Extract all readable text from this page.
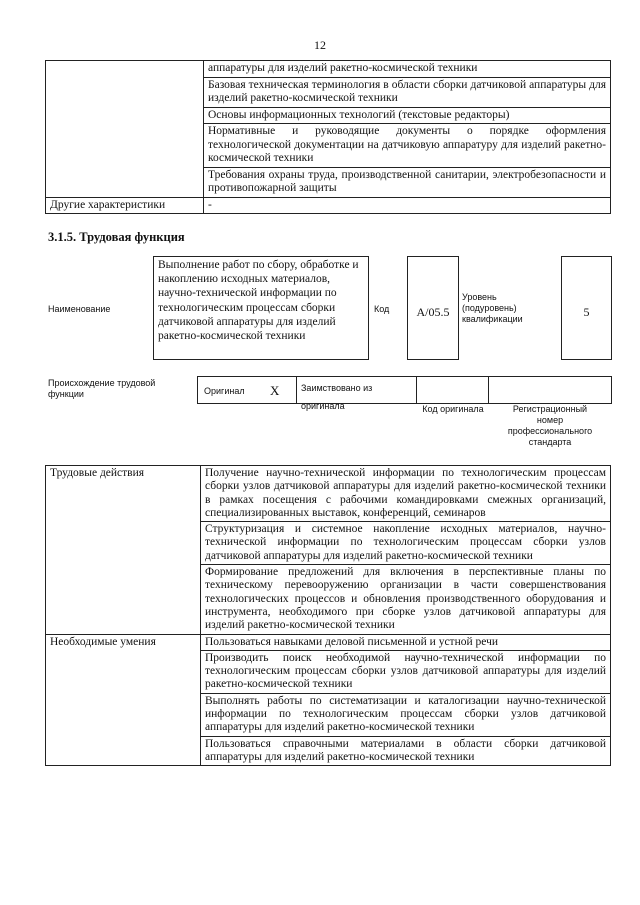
12
	аппаратуры для изделий ракетно-космической техники
	Базовая техническая терминология в области сборки датчиковой аппаратуры для изделий ракетно-космической техники
	Основы информационных технологий (текстовые редакторы)
	Нормативные и руководящие документы о порядке оформления технологической документации на датчиковую аппаратуру для изделий ракетно-космической техники
	Требования охраны труда, производственной санитарии, электробезопасности и противопожарной защиты
Другие характеристики	-
3.1.5. Трудовая функция
Наименование
Выполнение работ по сбору, обработке и накоплению исходных материалов, научно-технической информации по технологическим процессам сборки датчиковой аппаратуры для изделий ракетно-космической техники
Код	A/05.5
Уровень (подуровень) квалификации	5
Происхождение трудовой функции	Оригинал X	Заимствовано из оригинала	Код оригинала	Регистрационный номер профессионального стандарта
Трудовые действия	Получение научно-технической информации по технологическим процессам сборки узлов датчиковой аппаратуры для изделий ракетно-космической техники в рамках посещения с рабочими командировками смежных организаций, специализированных выставок, конференций, семинаров
	Структуризация и системное накопление исходных материалов, научно-технической информации по технологическим процессам сборки узлов датчиковой аппаратуры для изделий ракетно-космической техники
	Формирование предложений для включения в перспективные планы по техническому перевооружению организации в части совершенствования технологических процессов и обновления производственного оборудования и инструмента, необходимого при сборке узлов датчиковой аппаратуры для изделий ракетно-космической техники
Необходимые умения	Пользоваться навыками деловой письменной и устной речи
	Производить поиск необходимой научно-технической информации по технологическим процессам сборки узлов датчиковой аппаратуры для изделий ракетно-космической техники
	Выполнять работы по систематизации и каталогизации научно-технической информации по технологическим процессам сборки узлов датчиковой аппаратуры для изделий ракетно-космической техники
	Пользоваться справочными материалами в области сборки датчиковой аппаратуры для изделий ракетно-космической техники
